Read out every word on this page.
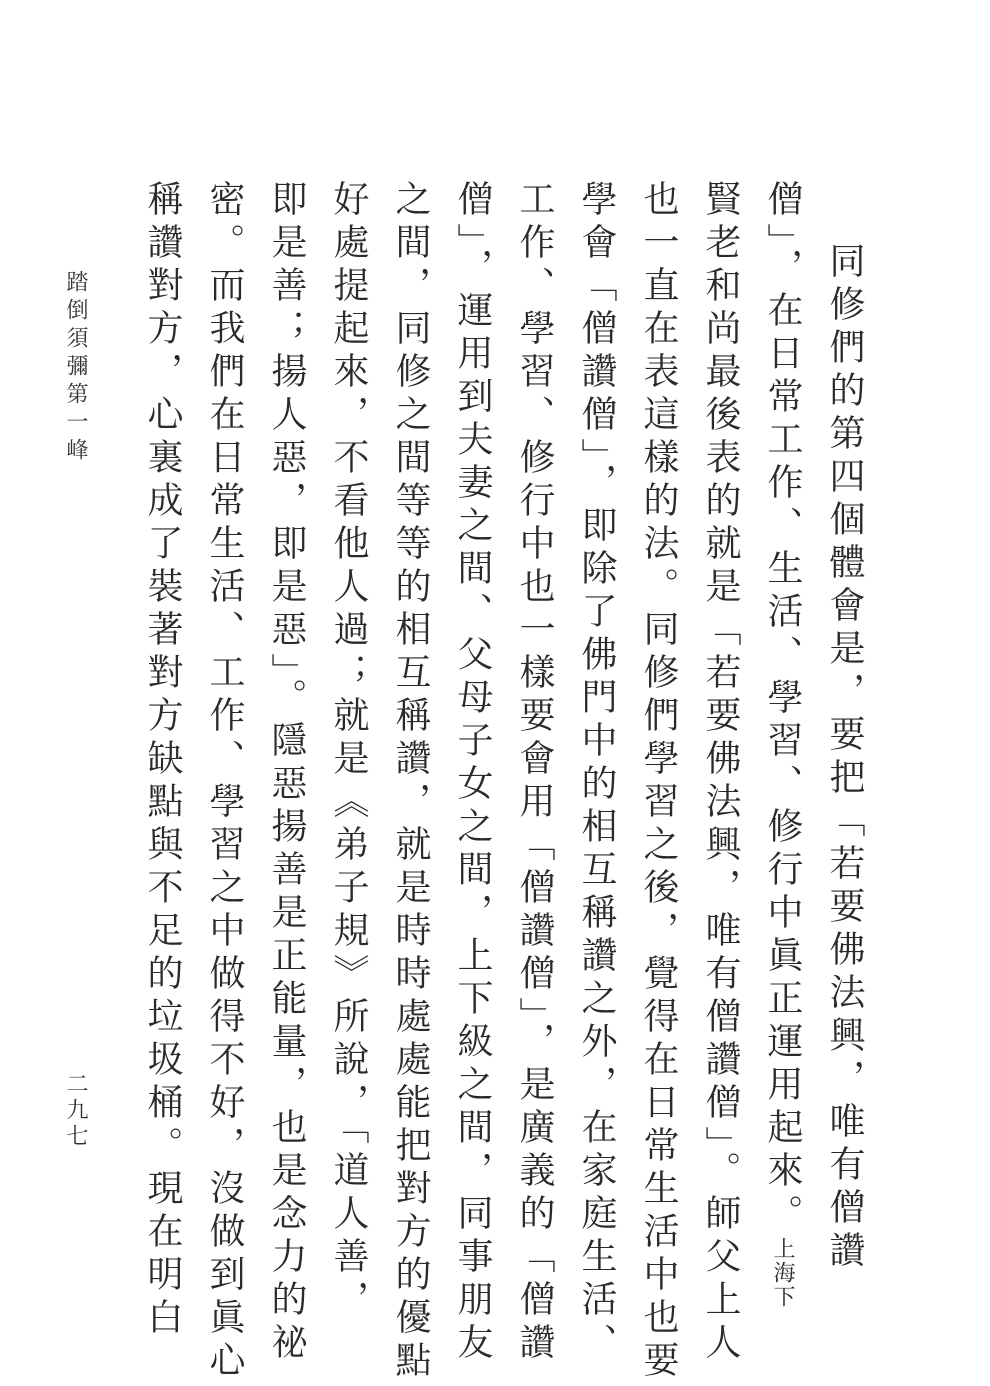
同修們的第四個體會是，要把「若要佛法興，唯有僧讚
僧」，在日常工作、生活、學習、修行中眞正運用起來。上海下
賢老和尚最後表的就是「若要佛法興，唯有僧讚僧」。師父上人
也一直在表這樣的法。同修們學習之後，覺得在日常生活中也要
學會「僧讚僧」，即除了佛門中的相互稱讚之外，在家庭生活、
工作、學習、修行中也一樣要會用「僧讚僧」，是廣義的「僧讚
僧」，運用到夫妻之間、父母子女之間，上下級之間，同事朋友
之間，同修之間等等的相互稱讚，就是時時處處能把對方的優點
好處提起來，不看他人過；就是《弟子規》所說，「道人善，
即是善；揚人惡，即是惡」。隱惡揚善是正能量，也是念力的祕
密。而我們在日常生活、工作、學習之中做得不好，沒做到眞心
稱讚對方，心裏成了裝著對方缺點與不足的垃圾桶。現在明白
踏倒須彌第一峰
二九七
